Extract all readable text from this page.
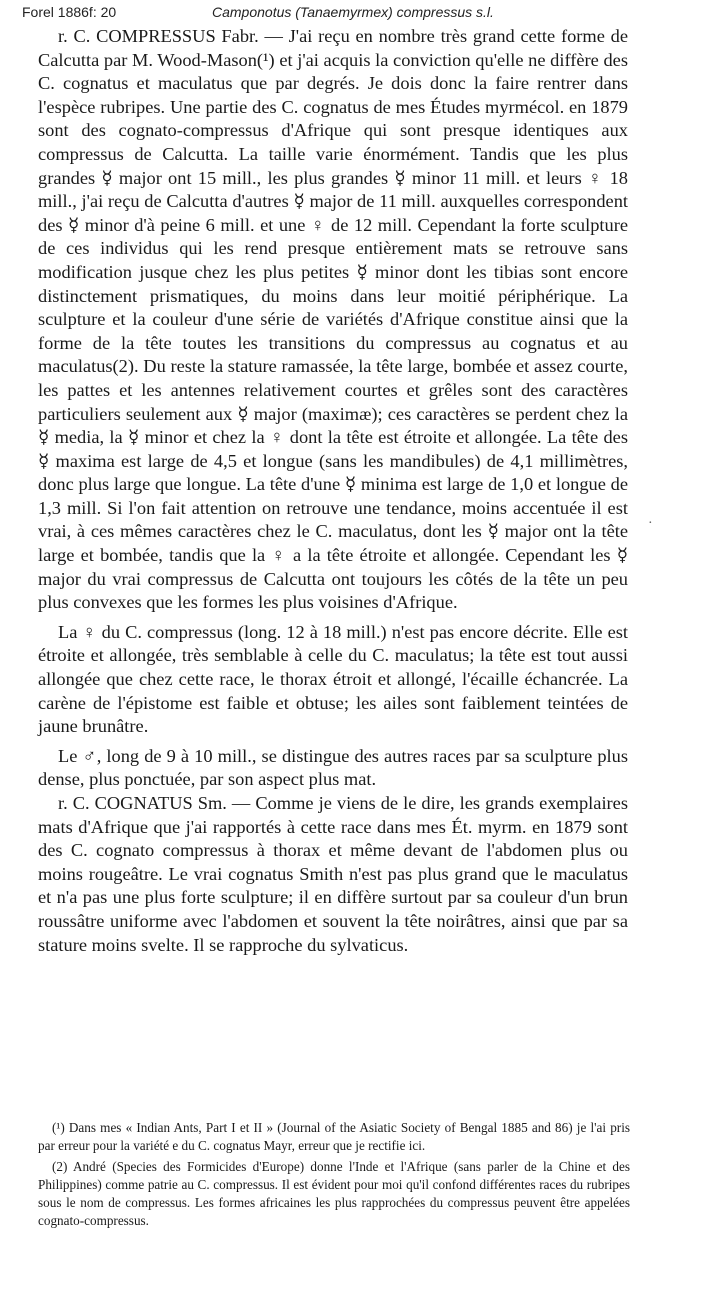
Forel 1886f: 20	Camponotus (Tanaemyrmex) compressus s.l.

r. C. COMPRESSUS Fabr. — J'ai reçu en nombre très grand cette forme de Calcutta par M. Wood-Mason(¹) et j'ai acquis la conviction qu'elle ne diffère des C. cognatus et maculatus que par degrés. Je dois donc la faire rentrer dans l'espèce rubripes. Une partie des C. cognatus de mes Études myrmécol. en 1879 sont des cognato-compressus d'Afrique qui sont presque identiques aux compressus de Calcutta. La taille varie énormément. Tandis que les plus grandes ☿ major ont 15 mill., les plus grandes ☿ minor 11 mill. et leurs ♀ 18 mill., j'ai reçu de Calcutta d'autres ☿ major de 11 mill. auxquelles correspondent des ☿ minor d'à peine 6 mill. et une ♀ de 12 mill. Cependant la forte sculpture de ces individus qui les rend presque entièrement mats se retrouve sans modification jusque chez les plus petites ☿ minor dont les tibias sont encore distinctement prismatiques, du moins dans leur moitié périphérique. La sculpture et la couleur d'une série de variétés d'Afrique constitue ainsi que la forme de la tête toutes les transitions du compressus au cognatus et au maculatus(2). Du reste la stature ramassée, la tête large, bombée et assez courte, les pattes et les antennes relativement courtes et grêles sont des caractères particuliers seulement aux ☿ major (maximæ); ces caractères se perdent chez la ☿ media, la ☿ minor et chez la ♀ dont la tête est étroite et allongée. La tête des ☿ maxima est large de 4,5 et longue (sans les mandibules) de 4,1 millimètres, donc plus large que longue. La tête d'une ☿ minima est large de 1,0 et longue de 1,3 mill. Si l'on fait attention on retrouve une tendance, moins accentuée il est vrai, à ces mêmes caractères chez le C. maculatus, dont les ☿ major ont la tête large et bombée, tandis que la ♀ a la tête étroite et allongée. Cependant les ☿ major du vrai compressus de Calcutta ont toujours les côtés de la tête un peu plus convexes que les formes les plus voisines d'Afrique.

La ♀ du C. compressus (long. 12 à 18 mill.) n'est pas encore décrite. Elle est étroite et allongée, très semblable à celle du C. maculatus; la tête est tout aussi allongée que chez cette race, le thorax étroit et allongé, l'écaille échancrée. La carène de l'épistome est faible et obtuse; les ailes sont faiblement teintées de jaune brunâtre.

Le ♂, long de 9 à 10 mill., se distingue des autres races par sa sculpture plus dense, plus ponctuée, par son aspect plus mat.

r. C. COGNATUS Sm. — Comme je viens de le dire, les grands exemplaires mats d'Afrique que j'ai rapportés à cette race dans mes Ét. myrm. en 1879 sont des C. cognato compressus à thorax et même devant de l'abdomen plus ou moins rougeâtre. Le vrai cognatus Smith n'est pas plus grand que le maculatus et n'a pas une plus forte sculpture; il en diffère surtout par sa couleur d'un brun roussâtre uniforme avec l'abdomen et souvent la tête noirâtres, ainsi que par sa stature moins svelte. Il se rapproche du sylvaticus.

(¹) Dans mes « Indian Ants, Part I et II » (Journal of the Asiatic Society of Bengal 1885 and 86) je l'ai pris par erreur pour la variété e du C. cognatus Mayr, erreur que je rectifie ici.

(2) André (Species des Formicides d'Europe) donne l'Inde et l'Afrique (sans parler de la Chine et des Philippines) comme patrie au C. compressus. Il est évident pour moi qu'il confond différentes races du rubripes sous le nom de compressus. Les formes africaines les plus rapprochées du compressus peuvent être appelées cognato-compressus.

·
